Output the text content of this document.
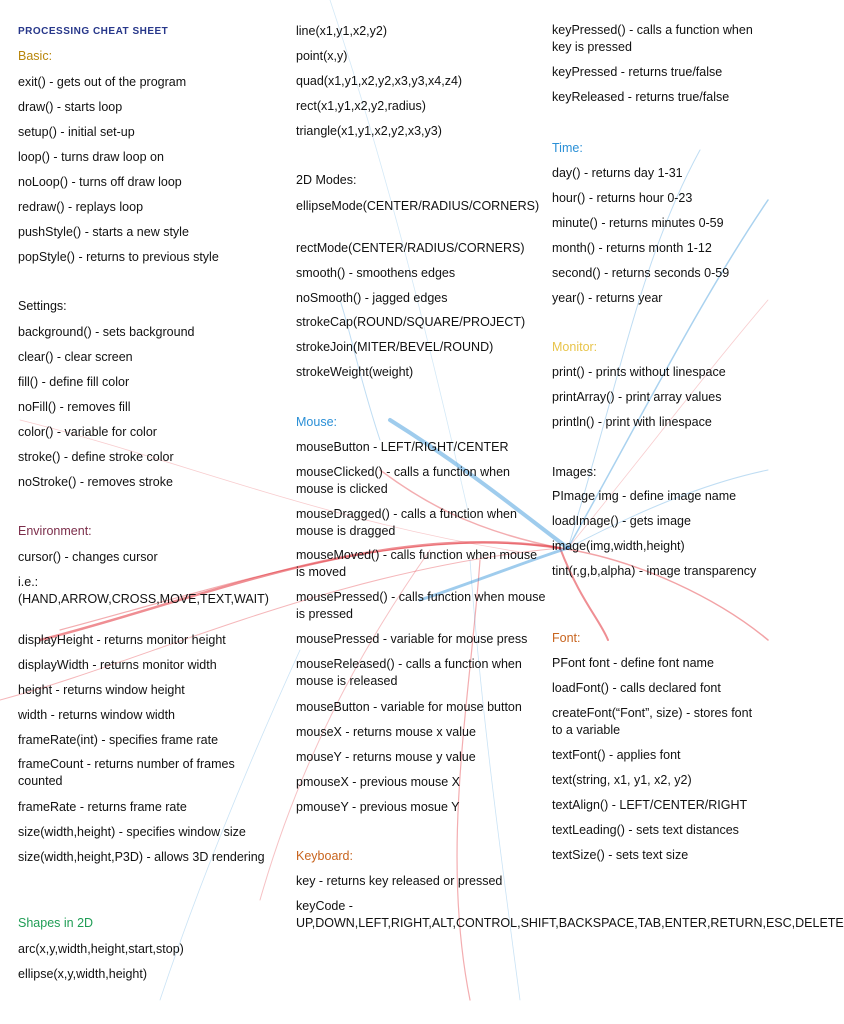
PROCESSING CHEAT SHEET
Basic:
exit() - gets out of the program
draw() - starts loop
setup() - initial set-up
loop() - turns draw loop on
noLoop() - turns off draw loop
redraw() - replays loop
pushStyle() - starts a new style
popStyle() - returns to previous style
Settings:
background() - sets background
clear() - clear screen
fill() - define fill color
noFill() - removes fill
color() - variable for color
stroke() - define stroke color
noStroke() - removes stroke
Environment:
cursor() - changes cursor
i.e.: (HAND,ARROW,CROSS,MOVE,TEXT,WAIT)
displayHeight - returns monitor height
displayWidth - returns monitor width
height - returns window height
width - returns window width
frameRate(int) - specifies frame rate
frameCount - returns number of frames counted
frameRate - returns frame rate
size(width,height) - specifies window size
size(width,height,P3D) - allows 3D rendering
Shapes in 2D
arc(x,y,width,height,start,stop)
ellipse(x,y,width,height)
line(x1,y1,x2,y2)
point(x,y)
quad(x1,y1,x2,y2,x3,y3,x4,z4)
rect(x1,y1,x2,y2,radius)
triangle(x1,y1,x2,y2,x3,y3)
2D Modes:
ellipseMode(CENTER/RADIUS/CORNERS)
rectMode(CENTER/RADIUS/CORNERS)
smooth() - smoothens edges
noSmooth() - jagged edges
strokeCap(ROUND/SQUARE/PROJECT)
strokeJoin(MITER/BEVEL/ROUND)
strokeWeight(weight)
Mouse:
mouseButton - LEFT/RIGHT/CENTER
mouseClicked() - calls a function when mouse is clicked
mouseDragged() - calls a function when mouse is dragged
mouseMoved() - calls function when mouse is moved
mousePressed() - calls function when mouse is pressed
mousePressed - variable for mouse press
mouseReleased() - calls a function when mouse is released
mouseButton - variable for mouse button
mouseX - returns mouse x value
mouseY - returns mouse y value
pmouseX - previous mouse X
pmouseY - previous mosue Y
Keyboard:
key - returns key released or pressed
keyCode - UP,DOWN,LEFT,RIGHT,ALT,CONTROL,SHIFT,BACKSPACE,TAB,ENTER,RETURN,ESC,DELETE
keyPressed() - calls a function when key is pressed
keyPressed - returns true/false
keyReleased - returns true/false
Time:
day() - returns day 1-31
hour() - returns hour 0-23
minute() - returns minutes 0-59
month() - returns month 1-12
second() - returns seconds 0-59
year() - returns year
Monitor:
print() - prints without linespace
printArray() - print array values
println() - print with linespace
Images:
PImage img - define image name
loadImage() - gets image
image(img,width,height)
tint(r,g,b,alpha) - image transparency
Font:
PFont font - define font name
loadFont() - calls declared font
createFont(“Font”, size) - stores font to a variable
textFont() - applies font
text(string, x1, y1, x2, y2)
textAlign() - LEFT/CENTER/RIGHT
textLeading() - sets text distances
textSize() - sets text size
